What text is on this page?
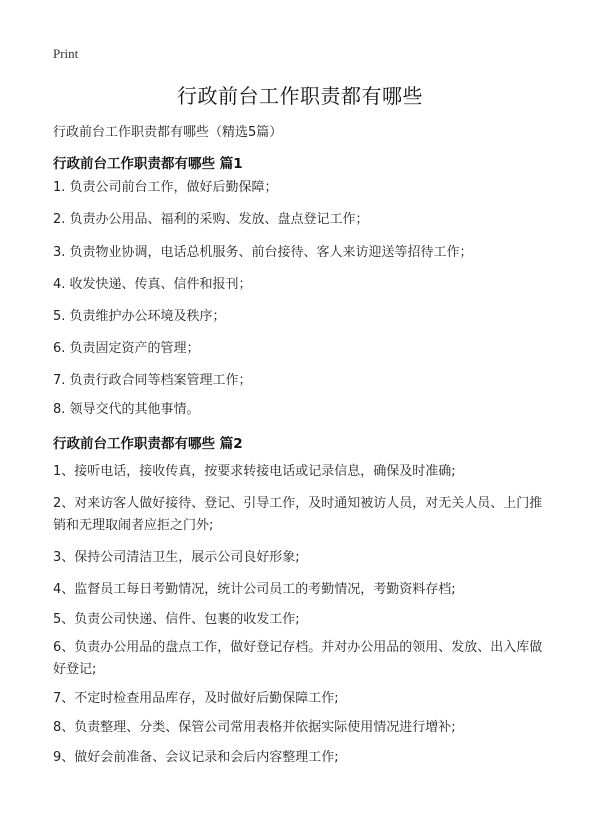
Print
行政前台工作职责都有哪些
行政前台工作职责都有哪些（精选5篇）
行政前台工作职责都有哪些 篇1
1. 负责公司前台工作，做好后勤保障；
2. 负责办公用品、福利的采购、发放、盘点登记工作；
3. 负责物业协调，电话总机服务、前台接待、客人来访迎送等招待工作；
4. 收发快递、传真、信件和报刊；
5. 负责维护办公环境及秩序；
6. 负责固定资产的管理；
7. 负责行政合同等档案管理工作；
8. 领导交代的其他事情。
行政前台工作职责都有哪些 篇2
1、接听电话，接收传真，按要求转接电话或记录信息，确保及时准确;
2、对来访客人做好接待、登记、引导工作，及时通知被访人员，对无关人员、上门推销和无理取闹者应拒之门外;
3、保持公司清洁卫生，展示公司良好形象;
4、监督员工每日考勤情况，统计公司员工的考勤情况，考勤资料存档;
5、负责公司快递、信件、包裹的收发工作;
6、负责办公用品的盘点工作，做好登记存档。并对办公用品的领用、发放、出入库做好登记;
7、不定时检查用品库存，及时做好后勤保障工作;
8、负责整理、分类、保管公司常用表格并依据实际使用情况进行增补;
9、做好会前准备、会议记录和会后内容整理工作;
